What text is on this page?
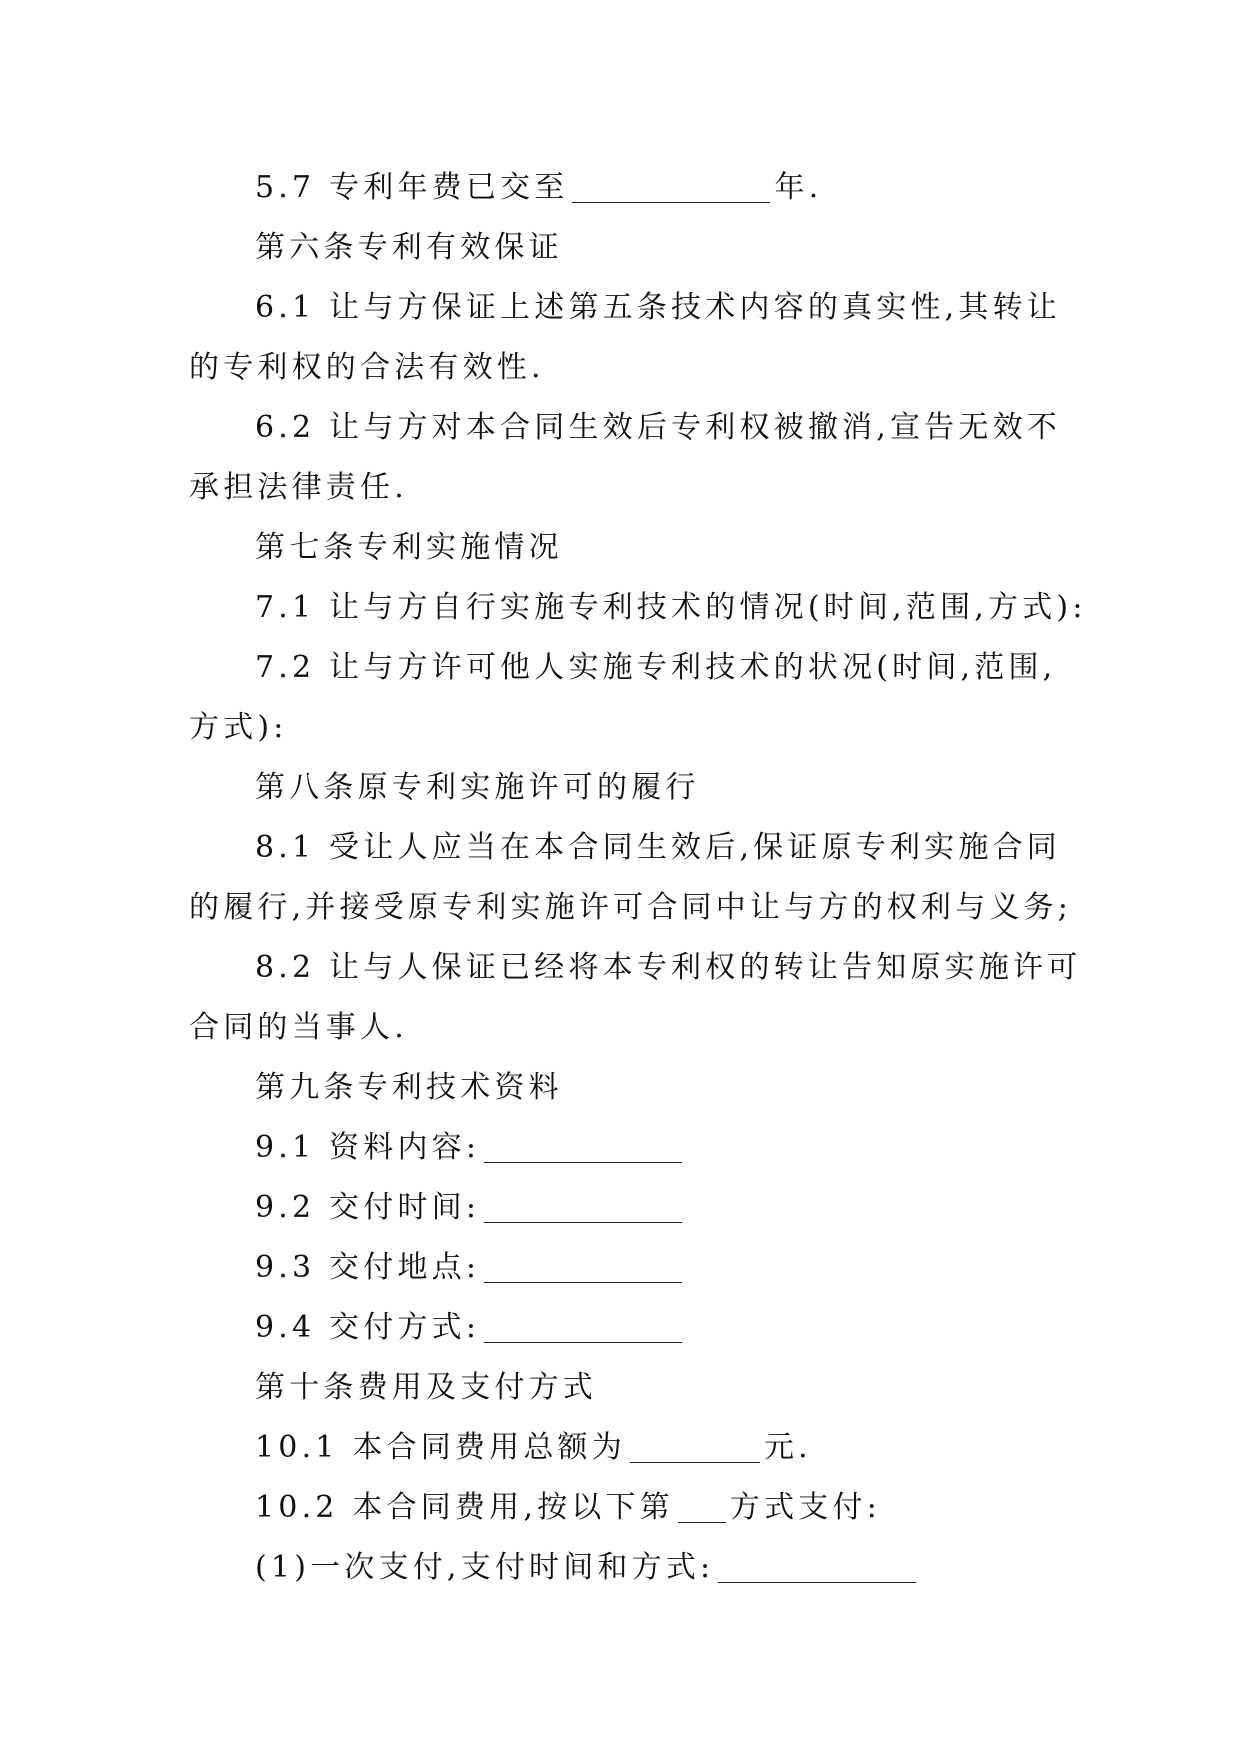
5.7 专利年费已交至	年.
第六条专利有效保证
6.1 让与方保证上述第五条技术内容的真实性,其转让
的专利权的合法有效性.
6.2 让与方对本合同生效后专利权被撤消,宣告无效不
承担法律责任.
第七条专利实施情况
7.1 让与方自行实施专利技术的情况(时间,范围,方式):
7.2 让与方许可他人实施专利技术的状况(时间,范围,
方式):
第八条原专利实施许可的履行
8.1 受让人应当在本合同生效后,保证原专利实施合同
的履行,并接受原专利实施许可合同中让与方的权利与义务;
8.2 让与人保证已经将本专利权的转让告知原实施许可
合同的当事人.
第九条专利技术资料
9.1 资料内容:
9.2 交付时间:
9.3 交付地点:
9.4 交付方式:
第十条费用及支付方式
10.1 本合同费用总额为	元.
10.2 本合同费用,按以下第 方式支付:
(1)一次支付,支付时间和方式:
